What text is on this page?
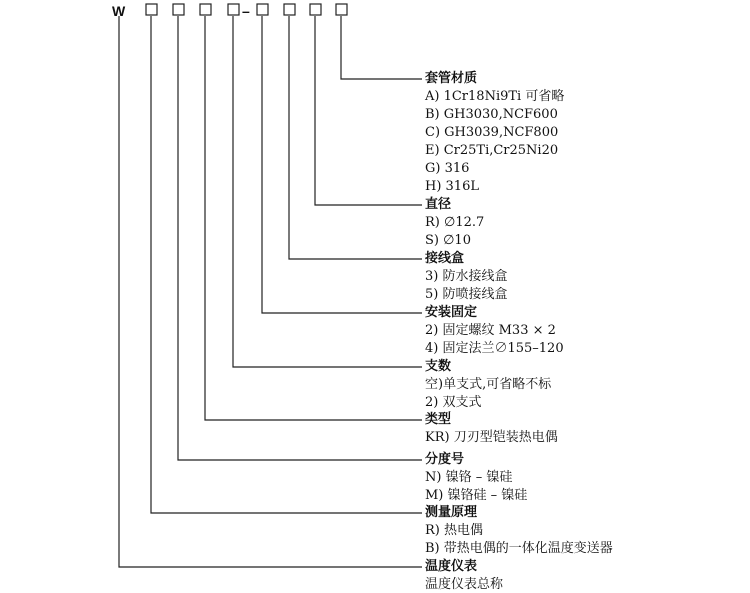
W	–
套管材质
A) 1Cr18Ni9Ti 可省略
B) GH3030,NCF600
C) GH3039,NCF800
E) Cr25Ti,Cr25Ni20
G) 316
H) 316L
直径
R) ∅12.7
S) ∅10
接线盒
3) 防水接线盒
5) 防喷接线盒
安装固定
2) 固定螺纹 M33 × 2
4) 固定法兰∅155–120
支数
空)单支式,可省略不标
2) 双支式
类型
KR) 刀刃型铠装热电偶
分度号
N) 镍铬 – 镍硅
M) 镍铬硅 – 镍硅
测量原理
R) 热电偶
B) 带热电偶的一体化温度变送器
温度仪表
温度仪表总称
